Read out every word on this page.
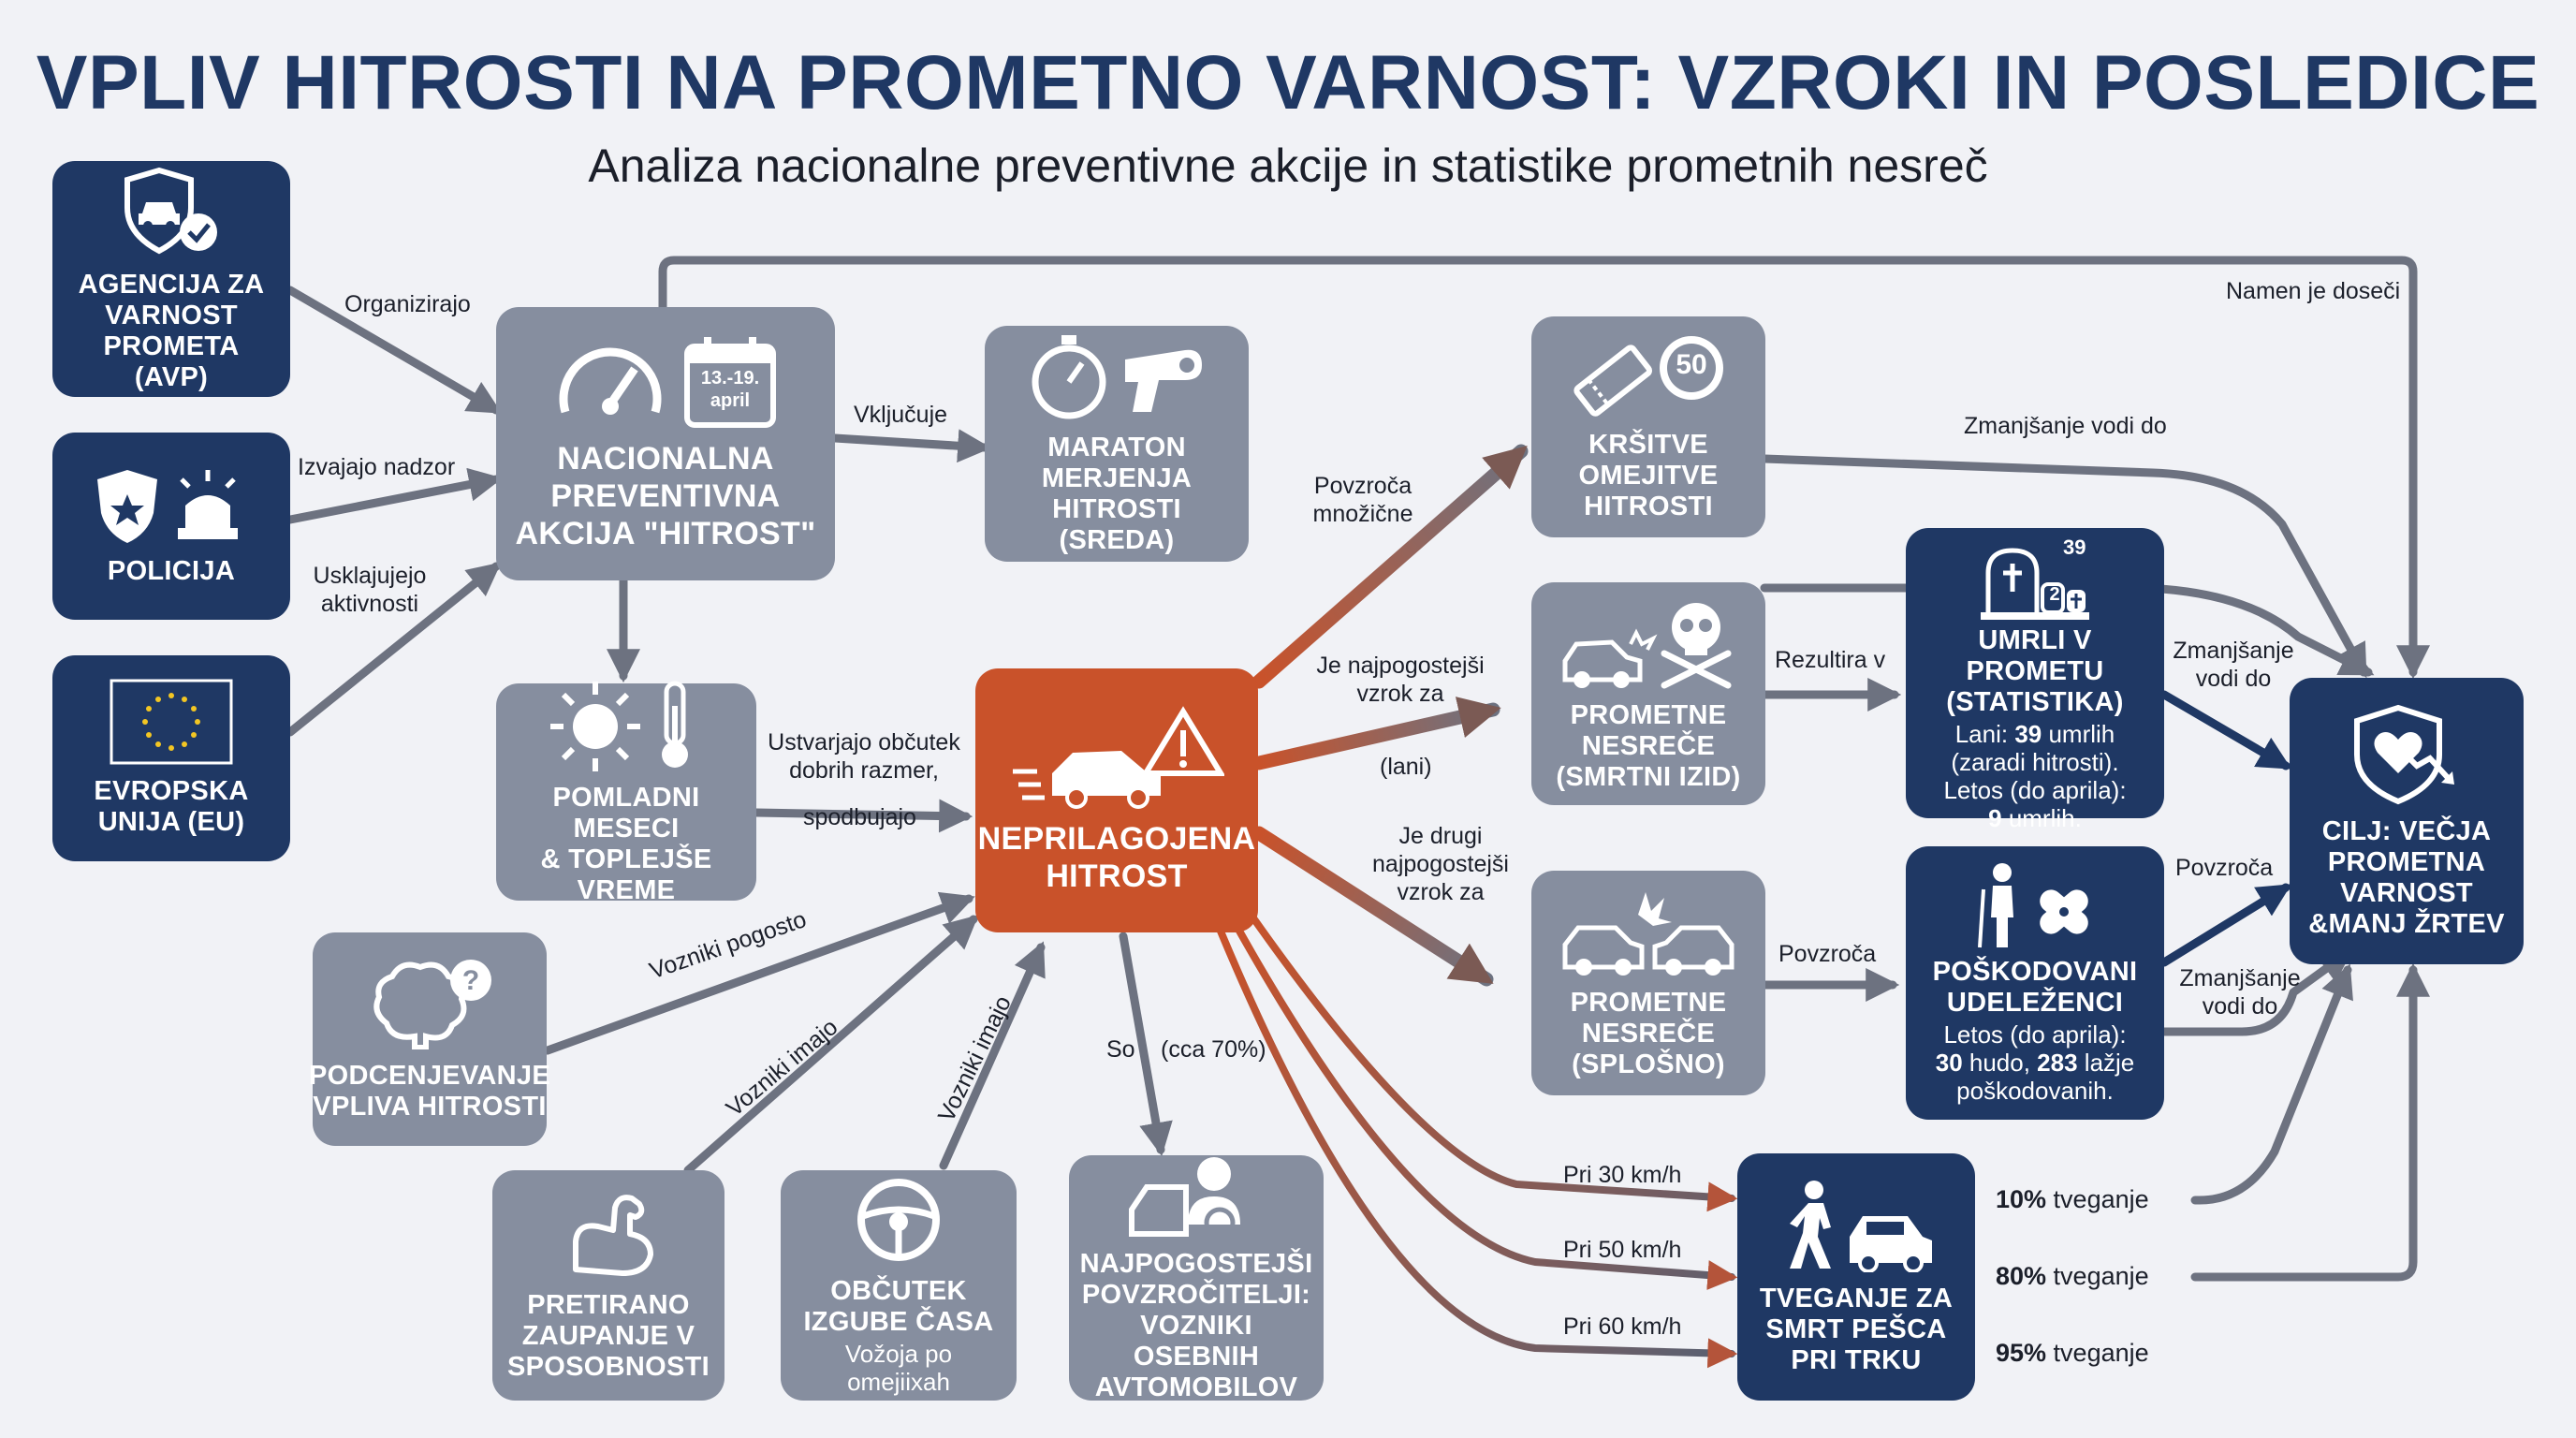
VPLIV HITROSTI NA PROMETNO VARNOST: VZROKI IN POSLEDICE
Analiza nacionalne preventivne akcije in statistike prometnih nesreč
AGENCIJA ZA
VARNOST
PROMETA (AVP)
POLICIJA
EVROPSKA
UNIJA (EU)
13.-19.
april
NACIONALNA
PREVENTIVNA
AKCIJA "HITROST"
MARATON
MERJENJA HITROSTI
(SREDA)
POMLADNI MESECI
& TOPLEJŠE VREME
NEPRILAGOJENA
HITROST
?
PODCENJEVANJE
VPLIVA HITROSTI
PRETIRANO
ZAUPANJE V
SPOSOBNOSTI
OBČUTEK
IZGUBE ČASA
Vožoja po omejiixah
NAJPOGOSTEJŠI
POVZROČITELJI:
VOZNIKI OSEBNIH
AVTOMOBILOV
50
KRŠITVE
OMEJITVE
HITROSTI
PROMETNE
NESREČE
(SMRTNI IZID)
PROMETNE
NESREČE
(SPLOŠNO)
39
2
UMRLI V PROMETU
(STATISTIKA)
Lani: 39 umrlih
(zaradi hitrosti).
Letos (do aprila):
9 umrlih.
POŠKODOVANI
UDELEŽENCI
Letos (do aprila):
30 hudo, 283 lažje
poškodovanih.
TVEGANJE ZA
SMRT PEŠCA
PRI TRKU
CILJ: VEČJA
PROMETNA
VARNOST
&MANJ ŽRTEV
Organizirajo
Izvajajo nadzor
Usklajujejo
aktivnosti
Vključuje
Ustvarjajo občutek
dobrih razmer,
spodbujajo
Vozniki pogosto
Vozniki imajo	Vozniki imajo	So (cca 70%)
Povzroča
množične
Je najpogostejši
vzrok za
(lani)
Je drugi
najpogostejši
vzrok za
Namen je doseči
Zmanjšanje vodi do
Rezultira v	Zmanjšanje
vodi do
Povzroča
Povzroča
Zmanjšanje
vodi do
Pri 30 km/h
Pri 50 km/h
Pri 60 km/h
10% tveganje
80% tveganje
95% tveganje
